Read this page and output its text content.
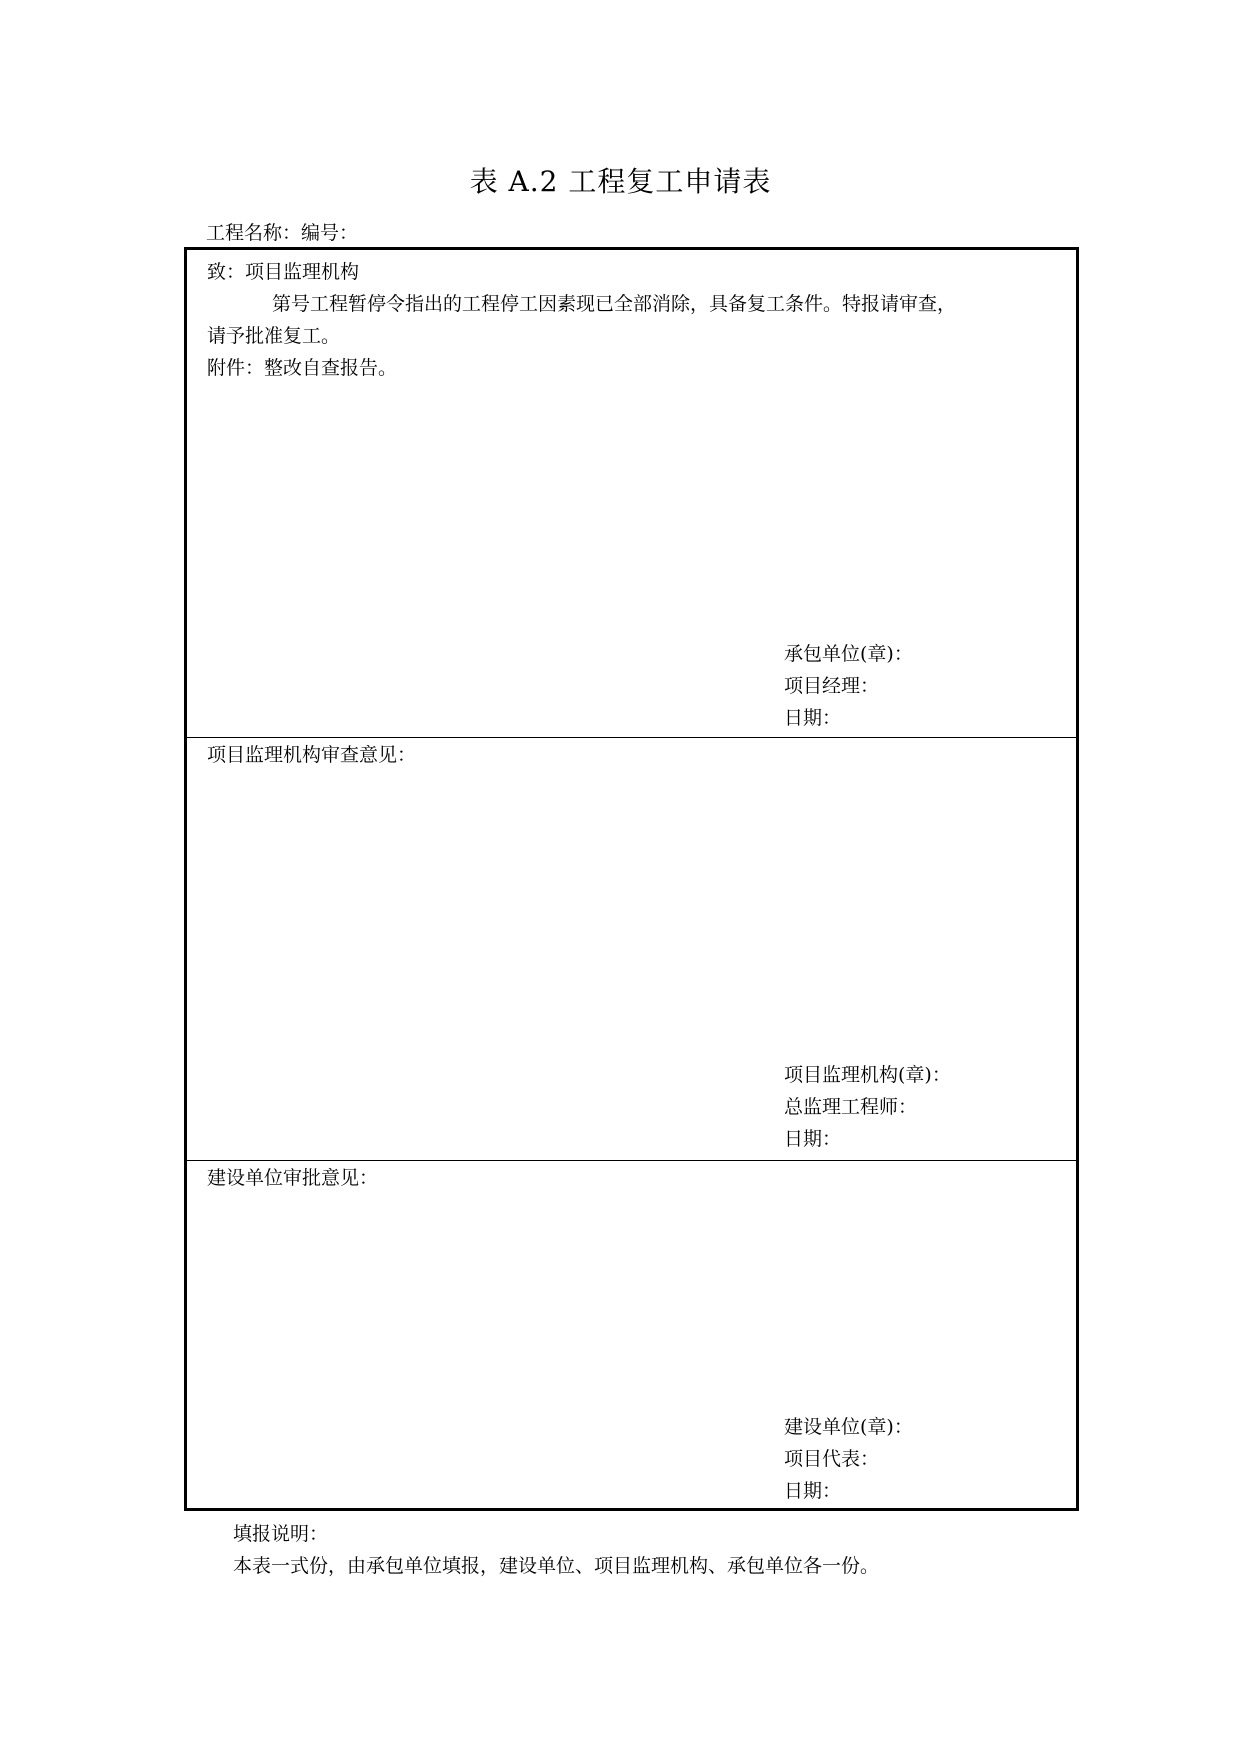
表 A.2 工程复工申请表
工程名称：编号：
致：项目监理机构
第号工程暂停令指出的工程停工因素现已全部消除，具备复工条件。特报请审查，
请予批准复工。
附件：整改自查报告。
承包单位(章)：
项目经理：
日期：
项目监理机构审查意见：
项目监理机构(章)：
总监理工程师：
日期：
建设单位审批意见：
建设单位(章)：
项目代表：
日期：
填报说明：
本表一式份，由承包单位填报，建设单位、项目监理机构、承包单位各一份。
